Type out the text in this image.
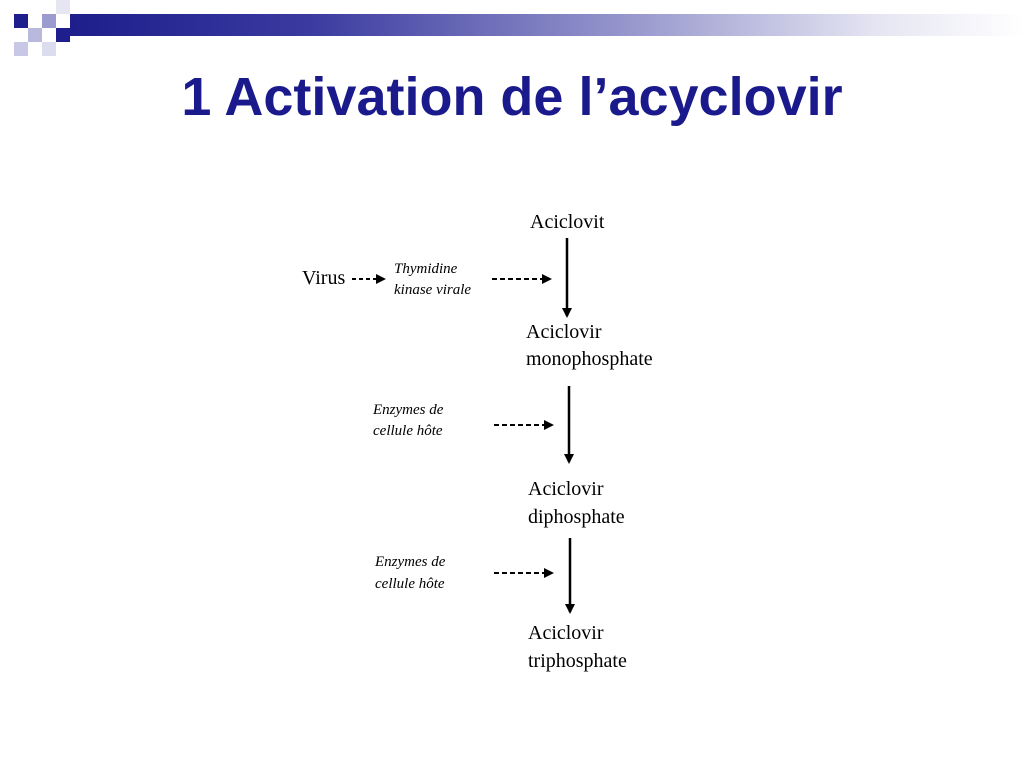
1 Activation de l’acyclovir
Aciclovit
Aciclovir
monophosphate
Aciclovir
diphosphate
Aciclovir
triphosphate
Virus	Thymidine
kinase virale
Enzymes de
cellule hôte
Enzymes de
cellule hôte
